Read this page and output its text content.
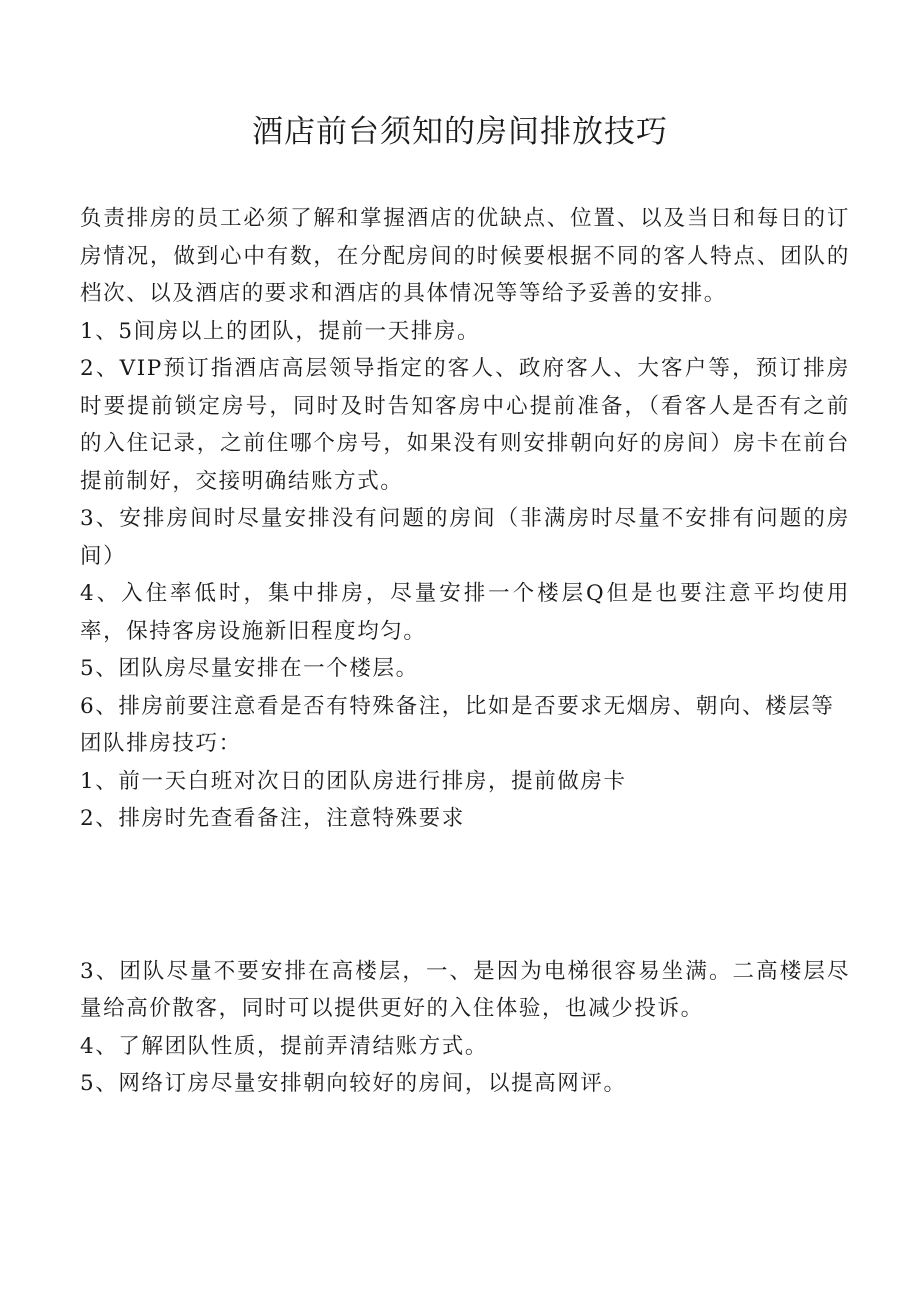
酒店前台须知的房间排放技巧

负责排房的员工必须了解和掌握酒店的优缺点、位置、以及当日和每日的订房情况，做到心中有数，在分配房间的时候要根据不同的客人特点、团队的档次、以及酒店的要求和酒店的具体情况等等给予妥善的安排。

1、5间房以上的团队，提前一天排房。

2、VIP预订指酒店高层领导指定的客人、政府客人、大客户等，预订排房时要提前锁定房号，同时及时告知客房中心提前准备，（看客人是否有之前的入住记录，之前住哪个房号，如果没有则安排朝向好的房间）房卡在前台提前制好，交接明确结账方式。

3、安排房间时尽量安排没有问题的房间（非满房时尽量不安排有问题的房间）

4、入住率低时，集中排房，尽量安排一个楼层Q但是也要注意平均使用率，保持客房设施新旧程度均匀。

5、团队房尽量安排在一个楼层。

6、排房前要注意看是否有特殊备注，比如是否要求无烟房、朝向、楼层等

团队排房技巧：

1、前一天白班对次日的团队房进行排房，提前做房卡

2、排房时先查看备注，注意特殊要求

3、团队尽量不要安排在高楼层，一、是因为电梯很容易坐满。二高楼层尽量给高价散客，同时可以提供更好的入住体验，也减少投诉。

4、了解团队性质，提前弄清结账方式。

5、网络订房尽量安排朝向较好的房间，以提高网评。
